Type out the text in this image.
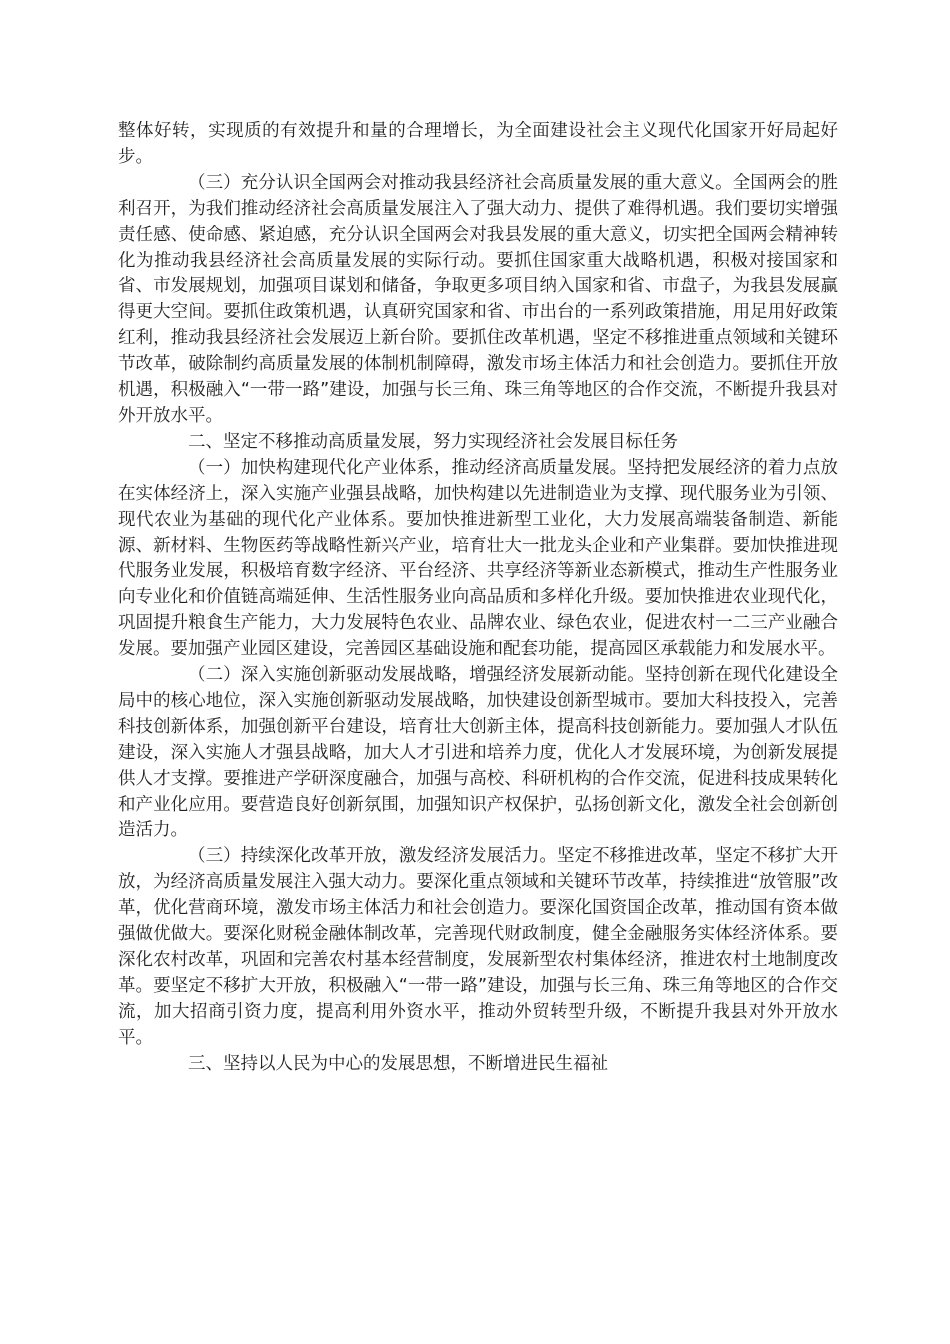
整体好转，实现质的有效提升和量的合理增长，为全面建设社会主义现代化国家开好局起好步。

（三）充分认识全国两会对推动我县经济社会高质量发展的重大意义。全国两会的胜利召开，为我们推动经济社会高质量发展注入了强大动力、提供了难得机遇。我们要切实增强责任感、使命感、紧迫感，充分认识全国两会对我县发展的重大意义，切实把全国两会精神转化为推动我县经济社会高质量发展的实际行动。要抓住国家重大战略机遇，积极对接国家和省、市发展规划，加强项目谋划和储备，争取更多项目纳入国家和省、市盘子，为我县发展赢得更大空间。要抓住政策机遇，认真研究国家和省、市出台的一系列政策措施，用足用好政策红利，推动我县经济社会发展迈上新台阶。要抓住改革机遇，坚定不移推进重点领域和关键环节改革，破除制约高质量发展的体制机制障碍，激发市场主体活力和社会创造力。要抓住开放机遇，积极融入“一带一路”建设，加强与长三角、珠三角等地区的合作交流，不断提升我县对外开放水平。

二、坚定不移推动高质量发展，努力实现经济社会发展目标任务

（一）加快构建现代化产业体系，推动经济高质量发展。坚持把发展经济的着力点放在实体经济上，深入实施产业强县战略，加快构建以先进制造业为支撑、现代服务业为引领、现代农业为基础的现代化产业体系。要加快推进新型工业化，大力发展高端装备制造、新能源、新材料、生物医药等战略性新兴产业，培育壮大一批龙头企业和产业集群。要加快推进现代服务业发展，积极培育数字经济、平台经济、共享经济等新业态新模式，推动生产性服务业向专业化和价值链高端延伸、生活性服务业向高品质和多样化升级。要加快推进农业现代化，巩固提升粮食生产能力，大力发展特色农业、品牌农业、绿色农业，促进农村一二三产业融合发展。要加强产业园区建设，完善园区基础设施和配套功能，提高园区承载能力和发展水平。

（二）深入实施创新驱动发展战略，增强经济发展新动能。坚持创新在现代化建设全局中的核心地位，深入实施创新驱动发展战略，加快建设创新型城市。要加大科技投入，完善科技创新体系，加强创新平台建设，培育壮大创新主体，提高科技创新能力。要加强人才队伍建设，深入实施人才强县战略，加大人才引进和培养力度，优化人才发展环境，为创新发展提供人才支撑。要推进产学研深度融合，加强与高校、科研机构的合作交流，促进科技成果转化和产业化应用。要营造良好创新氛围，加强知识产权保护，弘扬创新文化，激发全社会创新创造活力。

（三）持续深化改革开放，激发经济发展活力。坚定不移推进改革，坚定不移扩大开放，为经济高质量发展注入强大动力。要深化重点领域和关键环节改革，持续推进“放管服”改革，优化营商环境，激发市场主体活力和社会创造力。要深化国资国企改革，推动国有资本做强做优做大。要深化财税金融体制改革，完善现代财政制度，健全金融服务实体经济体系。要深化农村改革，巩固和完善农村基本经营制度，发展新型农村集体经济，推进农村土地制度改革。要坚定不移扩大开放，积极融入“一带一路”建设，加强与长三角、珠三角等地区的合作交流，加大招商引资力度，提高利用外资水平，推动外贸转型升级，不断提升我县对外开放水平。

三、坚持以人民为中心的发展思想，不断增进民生福祉
